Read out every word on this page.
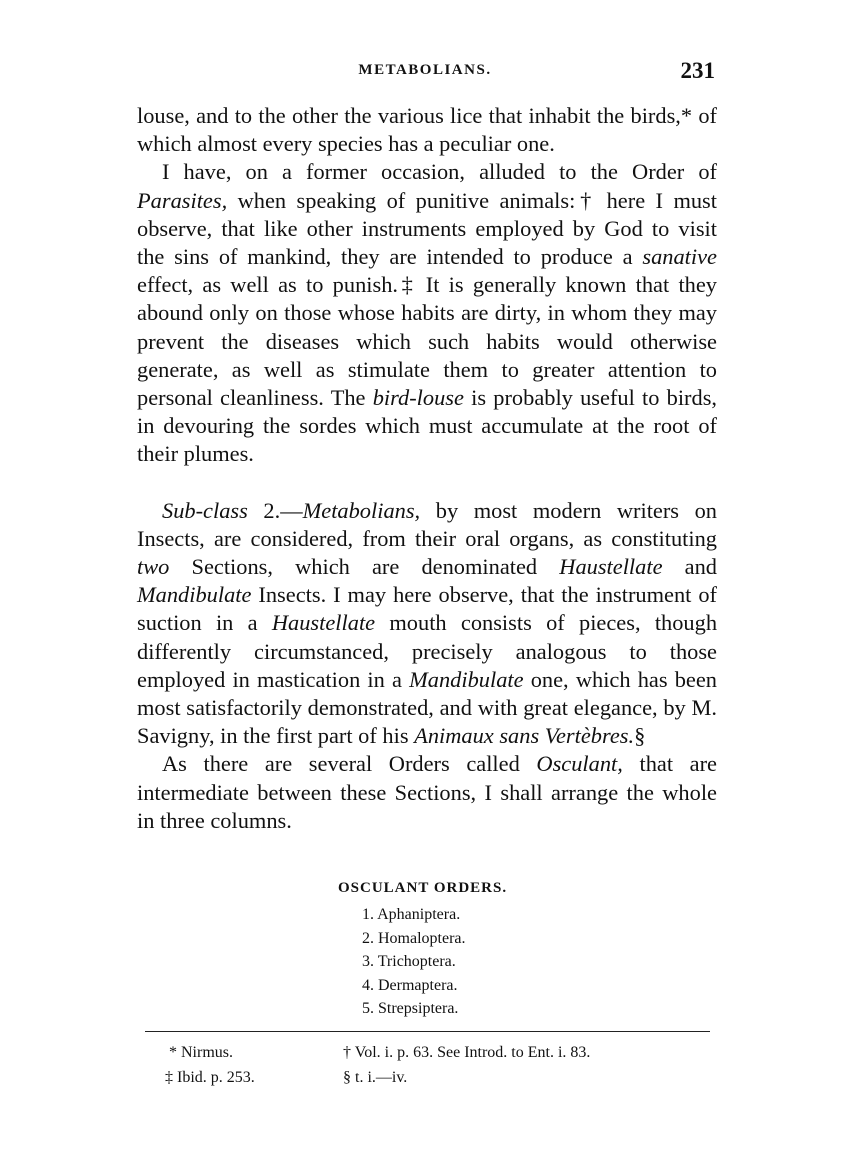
METABOLIANS.	231

louse, and to the other the various lice that inhabit the birds,* of which almost every species has a peculiar one.

I have, on a former occasion, alluded to the Order of Parasites, when speaking of punitive animals:† here I must observe, that like other instruments employed by God to visit the sins of mankind, they are intended to produce a sanative effect, as well as to punish.‡ It is generally known that they abound only on those whose habits are dirty, in whom they may prevent the diseases which such habits would otherwise generate, as well as stimulate them to greater attention to personal cleanliness. The bird-louse is probably useful to birds, in devouring the sordes which must accumulate at the root of their plumes.

Sub-class 2.—Metabolians, by most modern writers on Insects, are considered, from their oral organs, as constituting two Sections, which are denominated Haustellate and Mandibulate Insects. I may here observe, that the instrument of suction in a Haustellate mouth consists of pieces, though differently circumstanced, precisely analogous to those employed in mastication in a Mandibulate one, which has been most satisfactorily demonstrated, and with great elegance, by M. Savigny, in the first part of his Animaux sans Vertèbres.§

As there are several Orders called Osculant, that are intermediate between these Sections, I shall arrange the whole in three columns.

OSCULANT ORDERS.
1. Aphaniptera.
2. Homaloptera.
3. Trichoptera.
4. Dermaptera.
5. Strepsiptera.
* Nirmus.	† Vol. i. p. 63. See Introd. to Ent. i. 83.
‡ Ibid. p. 253.	§ t. i.—iv.
